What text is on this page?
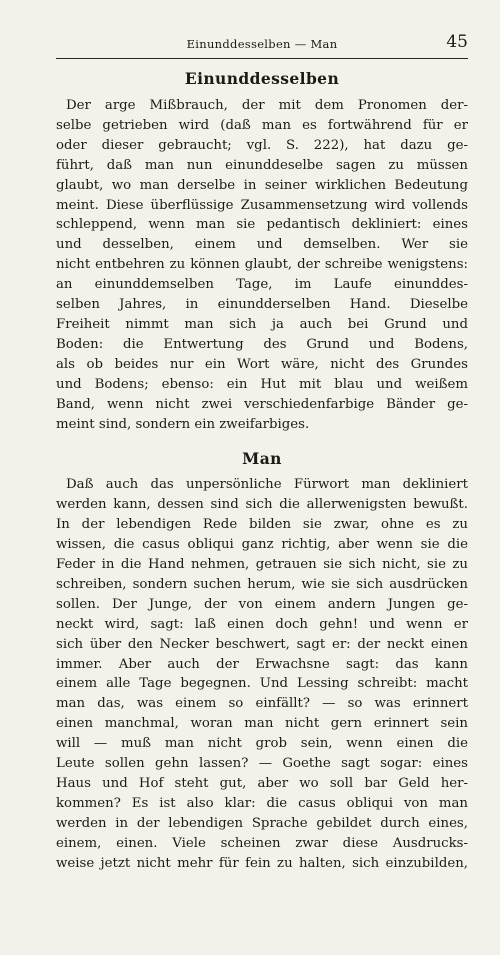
Einunddesselben — Man	45
Einunddesselben
Der arge Mißbrauch, der mit dem Pronomen der-
selbe getrieben wird (daß man es fortwährend für er
oder dieser gebraucht; vgl. S. 222), hat dazu ge-
führt, daß man nun einunddeselbe sagen zu müssen
glaubt, wo man derselbe in seiner wirklichen Bedeutung
meint. Diese überflüssige Zusammensetzung wird vollends
schleppend, wenn man sie pedantisch dekliniert: eines
und desselben, einem und demselben. Wer sie
nicht entbehren zu können glaubt, der schreibe wenigstens:
an einunddemselben Tage, im Laufe einunddes-
selben Jahres, in einundderselben Hand. Dieselbe
Freiheit nimmt man sich ja auch bei Grund und
Boden: die Entwertung des Grund und Bodens,
als ob beides nur ein Wort wäre, nicht des Grundes
und Bodens; ebenso: ein Hut mit blau und weißem
Band, wenn nicht zwei verschiedenfarbige Bänder ge-
meint sind, sondern ein zweifarbiges.
Man
Daß auch das unpersönliche Fürwort man dekliniert
werden kann, dessen sind sich die allerwenigsten bewußt.
In der lebendigen Rede bilden sie zwar, ohne es zu
wissen, die casus obliqui ganz richtig, aber wenn sie die
Feder in die Hand nehmen, getrauen sie sich nicht, sie zu
schreiben, sondern suchen herum, wie sie sich ausdrücken
sollen. Der Junge, der von einem andern Jungen ge-
neckt wird, sagt: laß einen doch gehn! und wenn er
sich über den Necker beschwert, sagt er: der neckt einen
immer. Aber auch der Erwachsne sagt: das kann
einem alle Tage begegnen. Und Lessing schreibt: macht
man das, was einem so einfällt? — so was erinnert
einen manchmal, woran man nicht gern erinnert sein
will — muß man nicht grob sein, wenn einen die
Leute sollen gehn lassen? — Goethe sagt sogar: eines
Haus und Hof steht gut, aber wo soll bar Geld her-
kommen? Es ist also klar: die casus obliqui von man
werden in der lebendigen Sprache gebildet durch eines,
einem, einen. Viele scheinen zwar diese Ausdrucks-
weise jetzt nicht mehr für fein zu halten, sich einzubilden,
